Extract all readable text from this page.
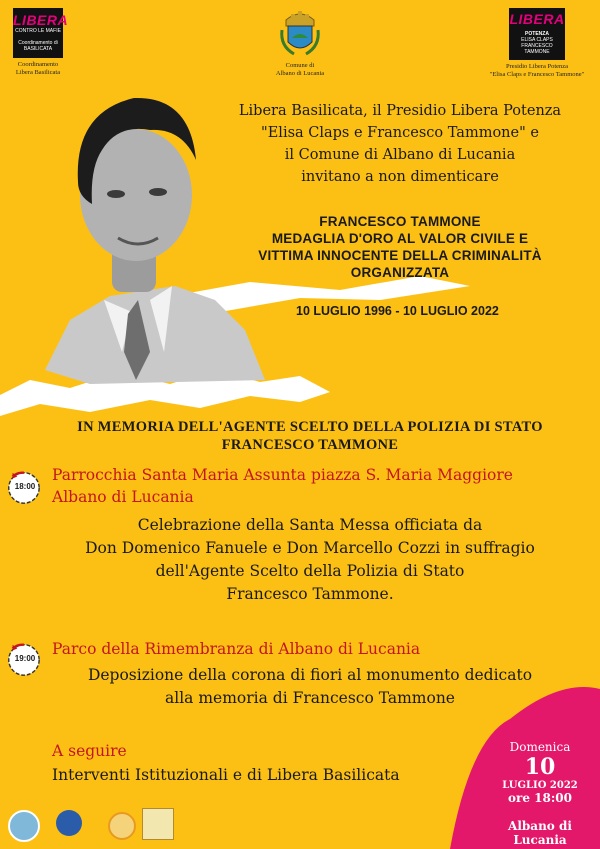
LIBERA
CONTRO LE MAFIE
Coordinamento di
BASILICATA
Coordinamento
Libera Basilicata
Comune di
Albano di Lucania
LIBERA
POTENZA
ELISA CLAPS
FRANCESCO TAMMONE
Presidio Libera Potenza
"Elisa Claps e Francesco Tammone"
Libera Basilicata, il Presidio Libera Potenza
"Elisa Claps e Francesco Tammone" e
il Comune di Albano di Lucania
invitano a non dimenticare
FRANCESCO TAMMONE
MEDAGLIA D'ORO AL VALOR CIVILE E
VITTIMA INNOCENTE DELLA CRIMINALITÀ
ORGANIZZATA
10 LUGLIO 1996 - 10 LUGLIO 2022
IN MEMORIA DELL'AGENTE SCELTO DELLA POLIZIA DI STATO
FRANCESCO TAMMONE
18:00
Parrocchia Santa Maria Assunta piazza S. Maria Maggiore
Albano di Lucania
Celebrazione della Santa Messa officiata da
Don Domenico Fanuele e Don Marcello Cozzi in suffragio
dell'Agente Scelto della Polizia di Stato
Francesco Tammone.
19:00
Parco della Rimembranza di Albano di Lucania
Deposizione della corona di fiori al monumento dedicato
alla memoria di Francesco Tammone
A seguire
Interventi Istituzionali e di Libera Basilicata
Domenica
10
LUGLIO 2022
ore 18:00
Albano di Lucania
